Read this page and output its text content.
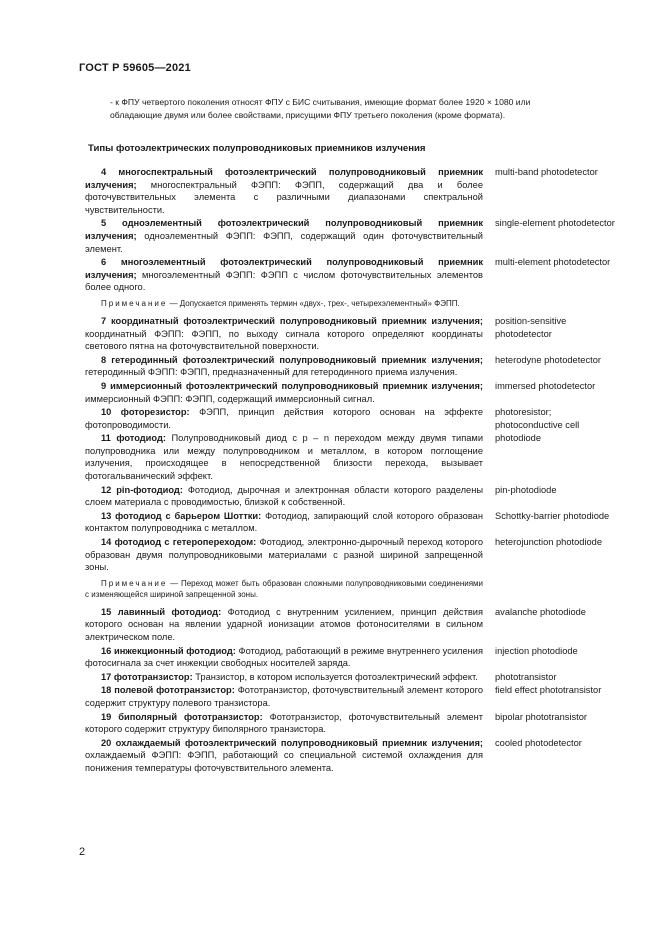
ГОСТ Р 59605—2021

- к ФПУ четвертого поколения относят ФПУ с БИС считывания, имеющие формат более 1920 × 1080 или обладающие двумя или более свойствами, присущими ФПУ третьего поколения (кроме формата).

Типы фотоэлектрических полупроводниковых приемников излучения
4 многоспектральный фотоэлектрический полупроводниковый приемник излучения; многоспектральный ФЭПП: ФЭПП, содержащий два и более фоточувствительных элемента с различными диапазонами спектральной чувствительности.
multi-band photodetector
5 одноэлементный фотоэлектрический полупроводниковый приемник излучения; одноэлементный ФЭПП: ФЭПП, содержащий один фоточувствительный элемент.
single-element photodetector
6 многоэлементный фотоэлектрический полупроводниковый приемник излучения; многоэлементный ФЭПП: ФЭПП с числом фоточувствительных элементов более одного.
multi-element photodetector
Примечание — Допускается применять термин «двух-, трех-, четырехэлементный» ФЭПП.
7 координатный фотоэлектрический полупроводниковый приемник излучения; координатный ФЭПП: ФЭПП, по выходу сигнала которого определяют координаты светового пятна на фоточувствительной поверхности.
position-sensitive photodetector
8 гетеродинный фотоэлектрический полупроводниковый приемник излучения; гетеродинный ФЭПП: ФЭПП, предназначенный для гетеродинного приема излучения.
heterodyne photodetector
9 иммерсионный фотоэлектрический полупроводниковый приемник излучения; иммерсионный ФЭПП: ФЭПП, содержащий иммерсионный сигнал.
immersed photodetector
10 фоторезистор: ФЭПП, принцип действия которого основан на эффекте фотопроводимости.
photoresistor; photoconductive cell
11 фотодиод: Полупроводниковый диод с p – n переходом между двумя типами полупроводника или между полупроводником и металлом, в котором поглощение излучения, происходящее в непосредственной близости перехода, вызывает фотогальванический эффект.
photodiode
12 pin-фотодиод: Фотодиод, дырочная и электронная области которого разделены слоем материала с проводимостью, близкой к собственной.
pin-photodiode
13 фотодиод с барьером Шоттки: Фотодиод, запирающий слой которого образован контактом полупроводника с металлом.
Schottky-barrier photodiode
14 фотодиод с гетеропереходом: Фотодиод, электронно-дырочный переход которого образован двумя полупроводниковыми материалами с разной шириной запрещенной зоны.
heterojunction photodiode
Примечание — Переход может быть образован сложными полупроводниковыми соединениями с изменяющейся шириной запрещенной зоны.
15 лавинный фотодиод: Фотодиод с внутренним усилением, принцип действия которого основан на явлении ударной ионизации атомов фотоносителями в сильном электрическом поле.
avalanche photodiode
16 инжекционный фотодиод: Фотодиод, работающий в режиме внутреннего усиления фотосигнала за счет инжекции свободных носителей заряда.
injection photodiode
17 фототранзистор: Транзистор, в котором используется фотоэлектрический эффект.	phototransistor
18 полевой фототранзистор: Фототранзистор, фоточувствительный элемент которого содержит структуру полевого транзистора.
field effect phototransistor
19 биполярный фототранзистор: Фототранзистор, фоточувствительный элемент которого содержит структуру биполярного транзистора.
bipolar phototransistor
20 охлаждаемый фотоэлектрический полупроводниковый приемник излучения; охлаждаемый ФЭПП: ФЭПП, работающий со специальной системой охлаждения для понижения температуры фоточувствительного элемента.
cooled photodetector
2
